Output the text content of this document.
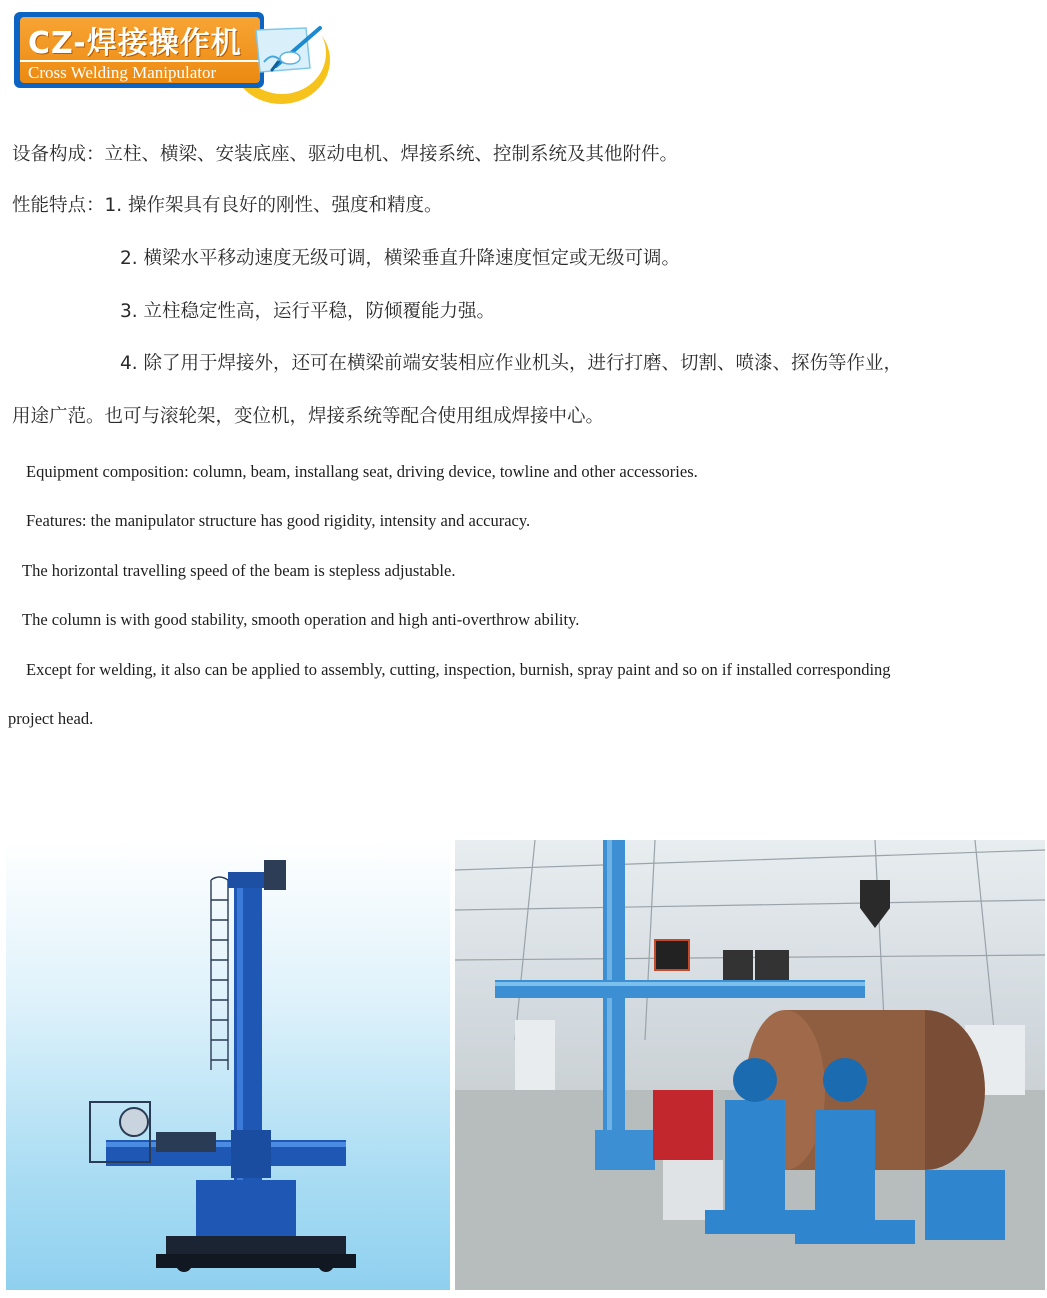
CZ-焊接操作机
Cross Welding Manipulator
设备构成：立柱、横梁、安装底座、驱动电机、焊接系统、控制系统及其他附件。
性能特点：1. 操作架具有良好的刚性、强度和精度。
2. 横梁水平移动速度无级可调，横梁垂直升降速度恒定或无级可调。
3. 立柱稳定性高，运行平稳，防倾覆能力强。
4. 除了用于焊接外，还可在横梁前端安装相应作业机头，进行打磨、切割、喷漆、探伤等作业，
用途广范。也可与滚轮架，变位机，焊接系统等配合使用组成焊接中心。
Equipment composition: column, beam, installang seat, driving device, towline and other accessories.
Features: the manipulator structure has good rigidity, intensity and accuracy.
The horizontal travelling speed of the beam is stepless adjustable.
The column is with good stability, smooth operation and high anti-overthrow ability.
Except for welding, it also can be applied to assembly, cutting, inspection, burnish, spray paint and so on if installed corresponding
project head.
